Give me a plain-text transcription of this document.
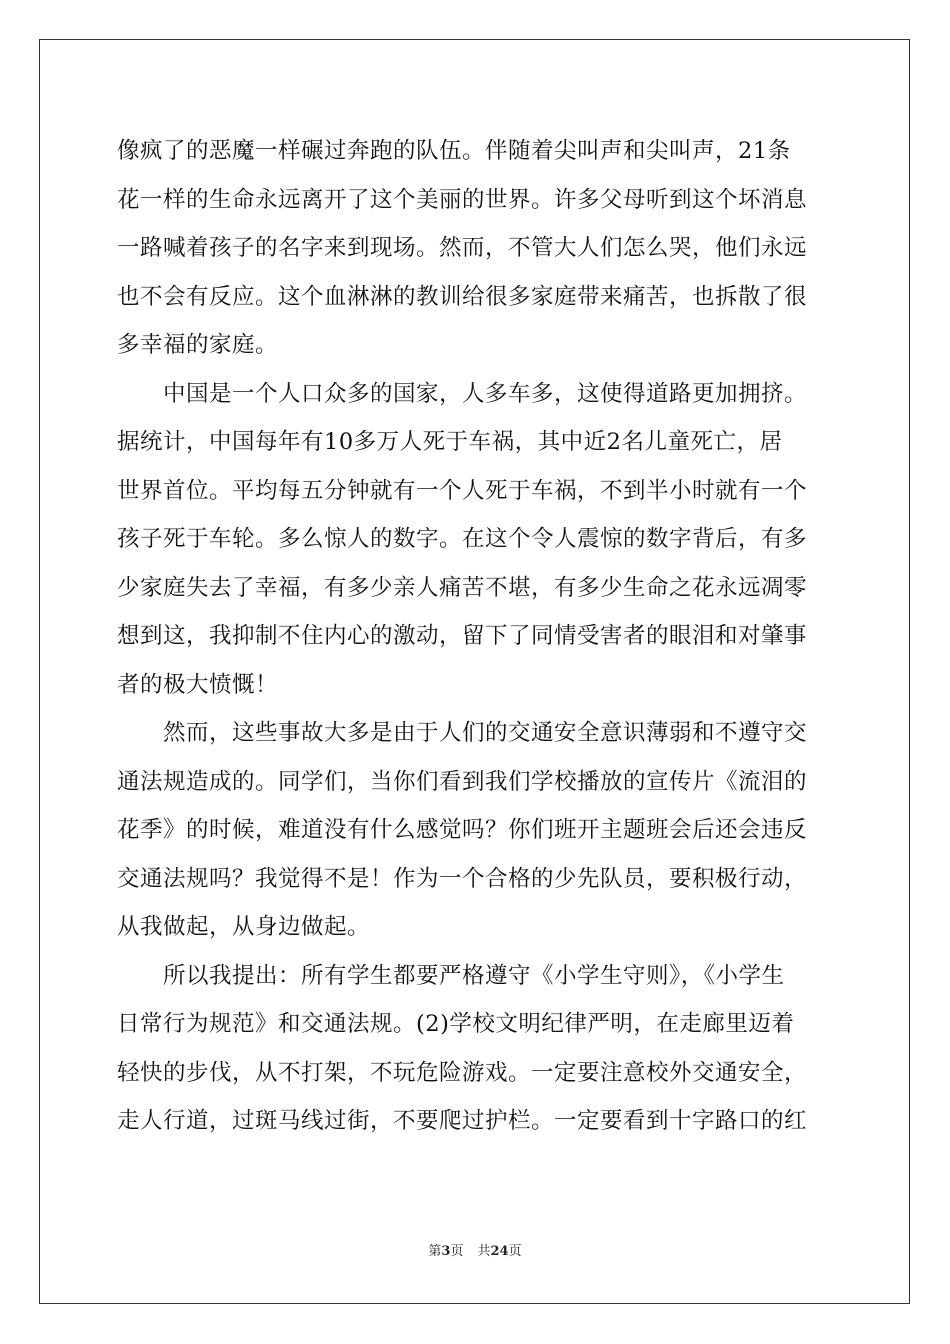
像疯了的恶魔一样碾过奔跑的队伍。伴随着尖叫声和尖叫声，21条
花一样的生命永远离开了这个美丽的世界。许多父母听到这个坏消息
一路喊着孩子的名字来到现场。然而，不管大人们怎么哭，他们永远
也不会有反应。这个血淋淋的教训给很多家庭带来痛苦，也拆散了很
多幸福的家庭。
　　中国是一个人口众多的国家，人多车多，这使得道路更加拥挤。
据统计，中国每年有10多万人死于车祸，其中近2名儿童死亡，居
世界首位。平均每五分钟就有一个人死于车祸，不到半小时就有一个
孩子死于车轮。多么惊人的数字。在这个令人震惊的数字背后，有多
少家庭失去了幸福，有多少亲人痛苦不堪，有多少生命之花永远凋零
想到这，我抑制不住内心的激动，留下了同情受害者的眼泪和对肇事
者的极大愤慨！
　　然而，这些事故大多是由于人们的交通安全意识薄弱和不遵守交
通法规造成的。同学们，当你们看到我们学校播放的宣传片《流泪的
花季》的时候，难道没有什么感觉吗？你们班开主题班会后还会违反
交通法规吗？我觉得不是！作为一个合格的少先队员，要积极行动，
从我做起，从身边做起。
　　所以我提出：所有学生都要严格遵守《小学生守则》，《小学生
日常行为规范》和交通法规。(2)学校文明纪律严明，在走廊里迈着
轻快的步伐，从不打架，不玩危险游戏。一定要注意校外交通安全，
走人行道，过斑马线过街，不要爬过护栏。一定要看到十字路口的红
第3页 共24页
